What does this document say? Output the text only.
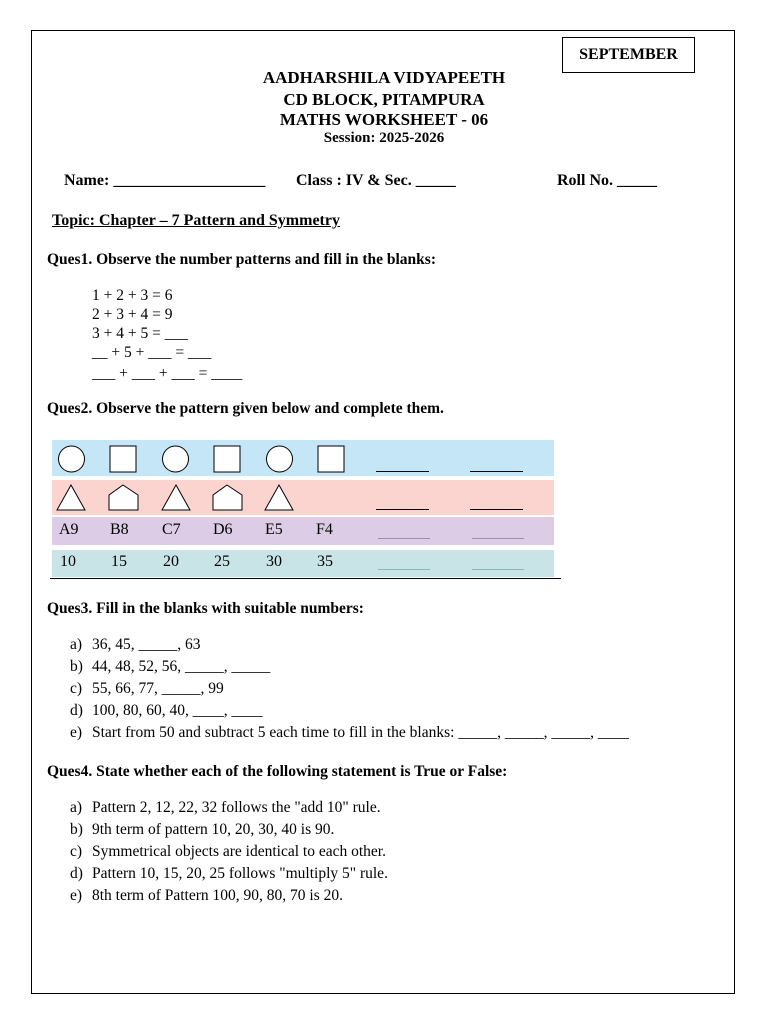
SEPTEMBER
AADHARSHILA VIDYAPEETH
CD BLOCK, PITAMPURA
MATHS WORKSHEET - 06
Session: 2025-2026
Name: ___________________ Class : IV & Sec. _____	Roll No. _____
Topic: Chapter – 7 Pattern and Symmetry
Ques1. Observe the number patterns and fill in the blanks:
1 + 2 + 3 = 6
2 + 3 + 4 = 9
3 + 4 + 5 = ___
__ + 5 + ___ = ___
___ + ___ + ___ = ____
Ques2. Observe the pattern given below and complete them.
A9 B8 C7 D6 E5 F4
10 15 20 25 30 35
Ques3. Fill in the blanks with suitable numbers:
a) 36, 45, _____, 63
b) 44, 48, 52, 56, _____, _____
c) 55, 66, 77, _____, 99
d) 100, 80, 60, 40, ____, ____
e) Start from 50 and subtract 5 each time to fill in the blanks: _____, _____, _____, ____
Ques4. State whether each of the following statement is True or False:
a) Pattern 2, 12, 22, 32 follows the "add 10" rule.
b) 9th term of pattern 10, 20, 30, 40 is 90.
c) Symmetrical objects are identical to each other.
d) Pattern 10, 15, 20, 25 follows "multiply 5" rule.
e) 8th term of Pattern 100, 90, 80, 70 is 20.
